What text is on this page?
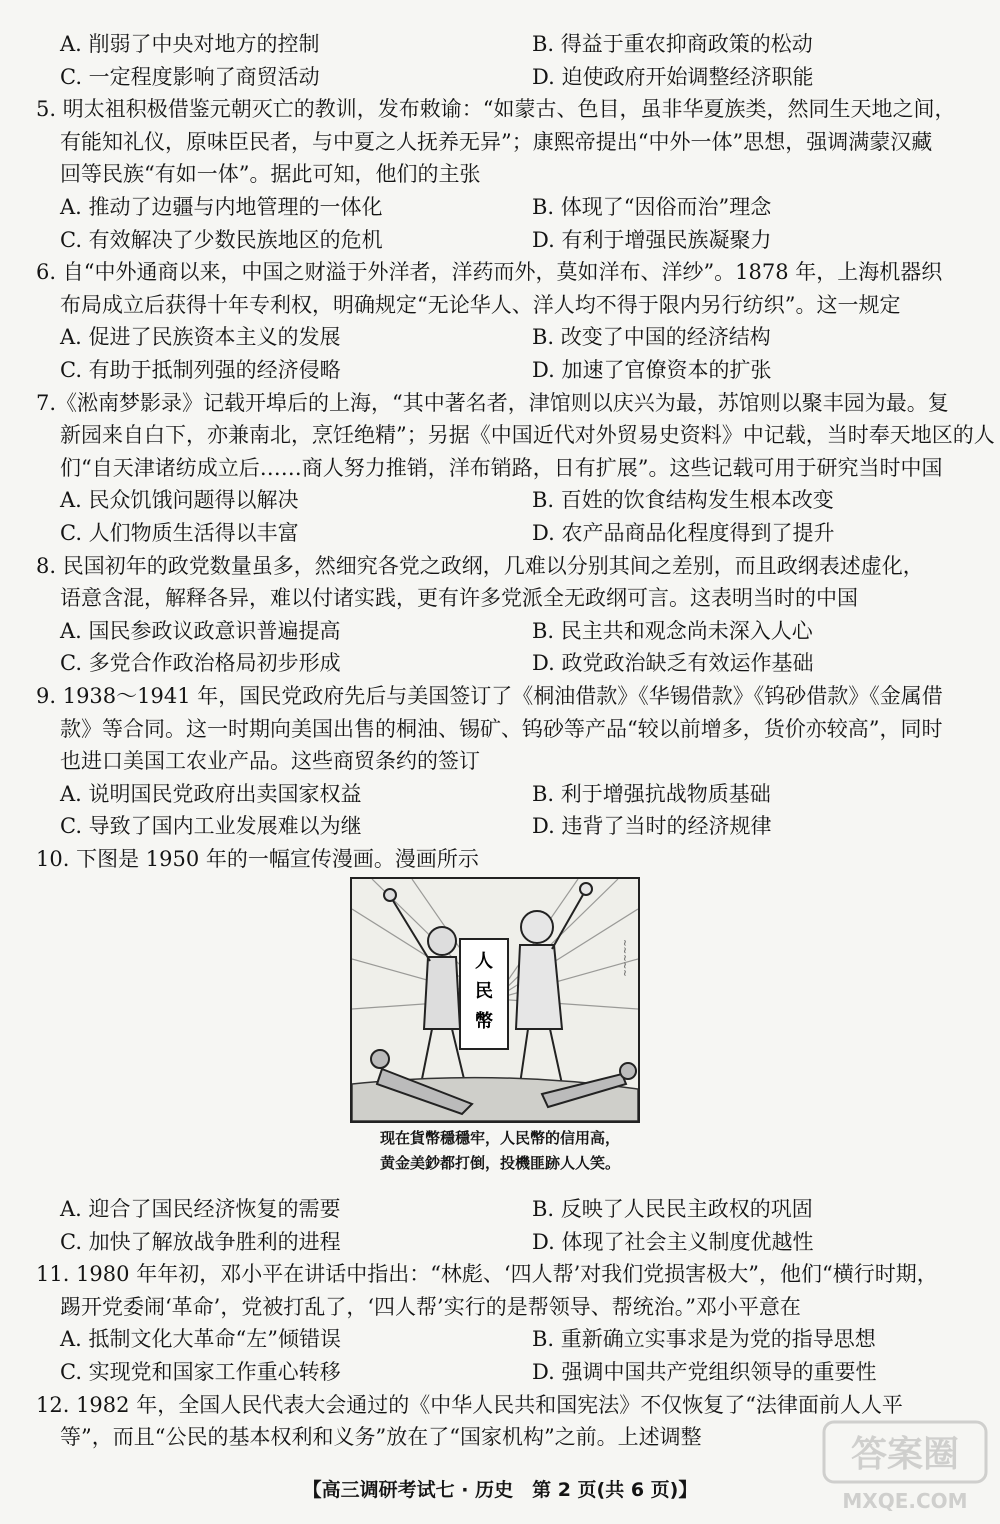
A. 削弱了中央对地方的控制	B. 得益于重农抑商政策的松动
C. 一定程度影响了商贸活动	D. 迫使政府开始调整经济职能
5. 明太祖积极借鉴元朝灭亡的教训，发布敕谕：“如蒙古、色目，虽非华夏族类，然同生天地之间，
有能知礼仪，原味臣民者，与中夏之人抚养无异”；康熙帝提出“中外一体”思想，强调满蒙汉藏
回等民族“有如一体”。据此可知，他们的主张
A. 推动了边疆与内地管理的一体化	B. 体现了“因俗而治”理念
C. 有效解决了少数民族地区的危机	D. 有利于增强民族凝聚力
6. 自“中外通商以来，中国之财溢于外洋者，洋药而外，莫如洋布、洋纱”。1878 年，上海机器织
布局成立后获得十年专利权，明确规定“无论华人、洋人均不得于限内另行纺织”。这一规定
A. 促进了民族资本主义的发展	B. 改变了中国的经济结构
C. 有助于抵制列强的经济侵略	D. 加速了官僚资本的扩张
7.《淞南梦影录》记载开埠后的上海，“其中著名者，津馆则以庆兴为最，苏馆则以聚丰园为最。复
新园来自白下，亦兼南北，烹饪绝精”；另据《中国近代对外贸易史资料》中记载，当时奉天地区的人
们“自天津诸纺成立后……商人努力推销，洋布销路，日有扩展”。这些记载可用于研究当时中国
A. 民众饥饿问题得以解决	B. 百姓的饮食结构发生根本改变
C. 人们物质生活得以丰富	D. 农产品商品化程度得到了提升
8. 民国初年的政党数量虽多，然细究各党之政纲，几难以分别其间之差别，而且政纲表述虚化，
语意含混，解释各异，难以付诸实践，更有许多党派全无政纲可言。这表明当时的中国
A. 国民参政议政意识普遍提高	B. 民主共和观念尚未深入人心
C. 多党合作政治格局初步形成	D. 政党政治缺乏有效运作基础
9. 1938～1941 年，国民党政府先后与美国签订了《桐油借款》《华锡借款》《钨砂借款》《金属借
款》等合同。这一时期向美国出售的桐油、锡矿、钨砂等产品“较以前增多，货价亦较高”，同时
也进口美国工农业产品。这些商贸条约的签订
A. 说明国民党政府出卖国家权益	B. 利于增强抗战物质基础
C. 导致了国内工业发展难以为继	D. 违背了当时的经济规律
10. 下图是 1950 年的一幅宣传漫画。漫画所示
人
民
幣
~~~~~
现在貨幣穩穩牢，人民幣的信用高，
黄金美鈔都打倒，投機匪跡人人笑。
A. 迎合了国民经济恢复的需要	B. 反映了人民民主政权的巩固
C. 加快了解放战争胜利的进程	D. 体现了社会主义制度优越性
11. 1980 年年初，邓小平在讲话中指出：“林彪、‘四人帮’对我们党损害极大”，他们“横行时期，
踢开党委闹‘革命’，党被打乱了，‘四人帮’实行的是帮领导、帮统治。”邓小平意在
A. 抵制文化大革命“左”倾错误	B. 重新确立实事求是为党的指导思想
C. 实现党和国家工作重心转移	D. 强调中国共产党组织领导的重要性
12. 1982 年，全国人民代表大会通过的《中华人民共和国宪法》不仅恢复了“法律面前人人平
等”，而且“公民的基本权利和义务”放在了“国家机构”之前。上述调整
【高三调研考试七 · 历史　第 2 页(共 6 页)】
答案圈
MXQE.COM
